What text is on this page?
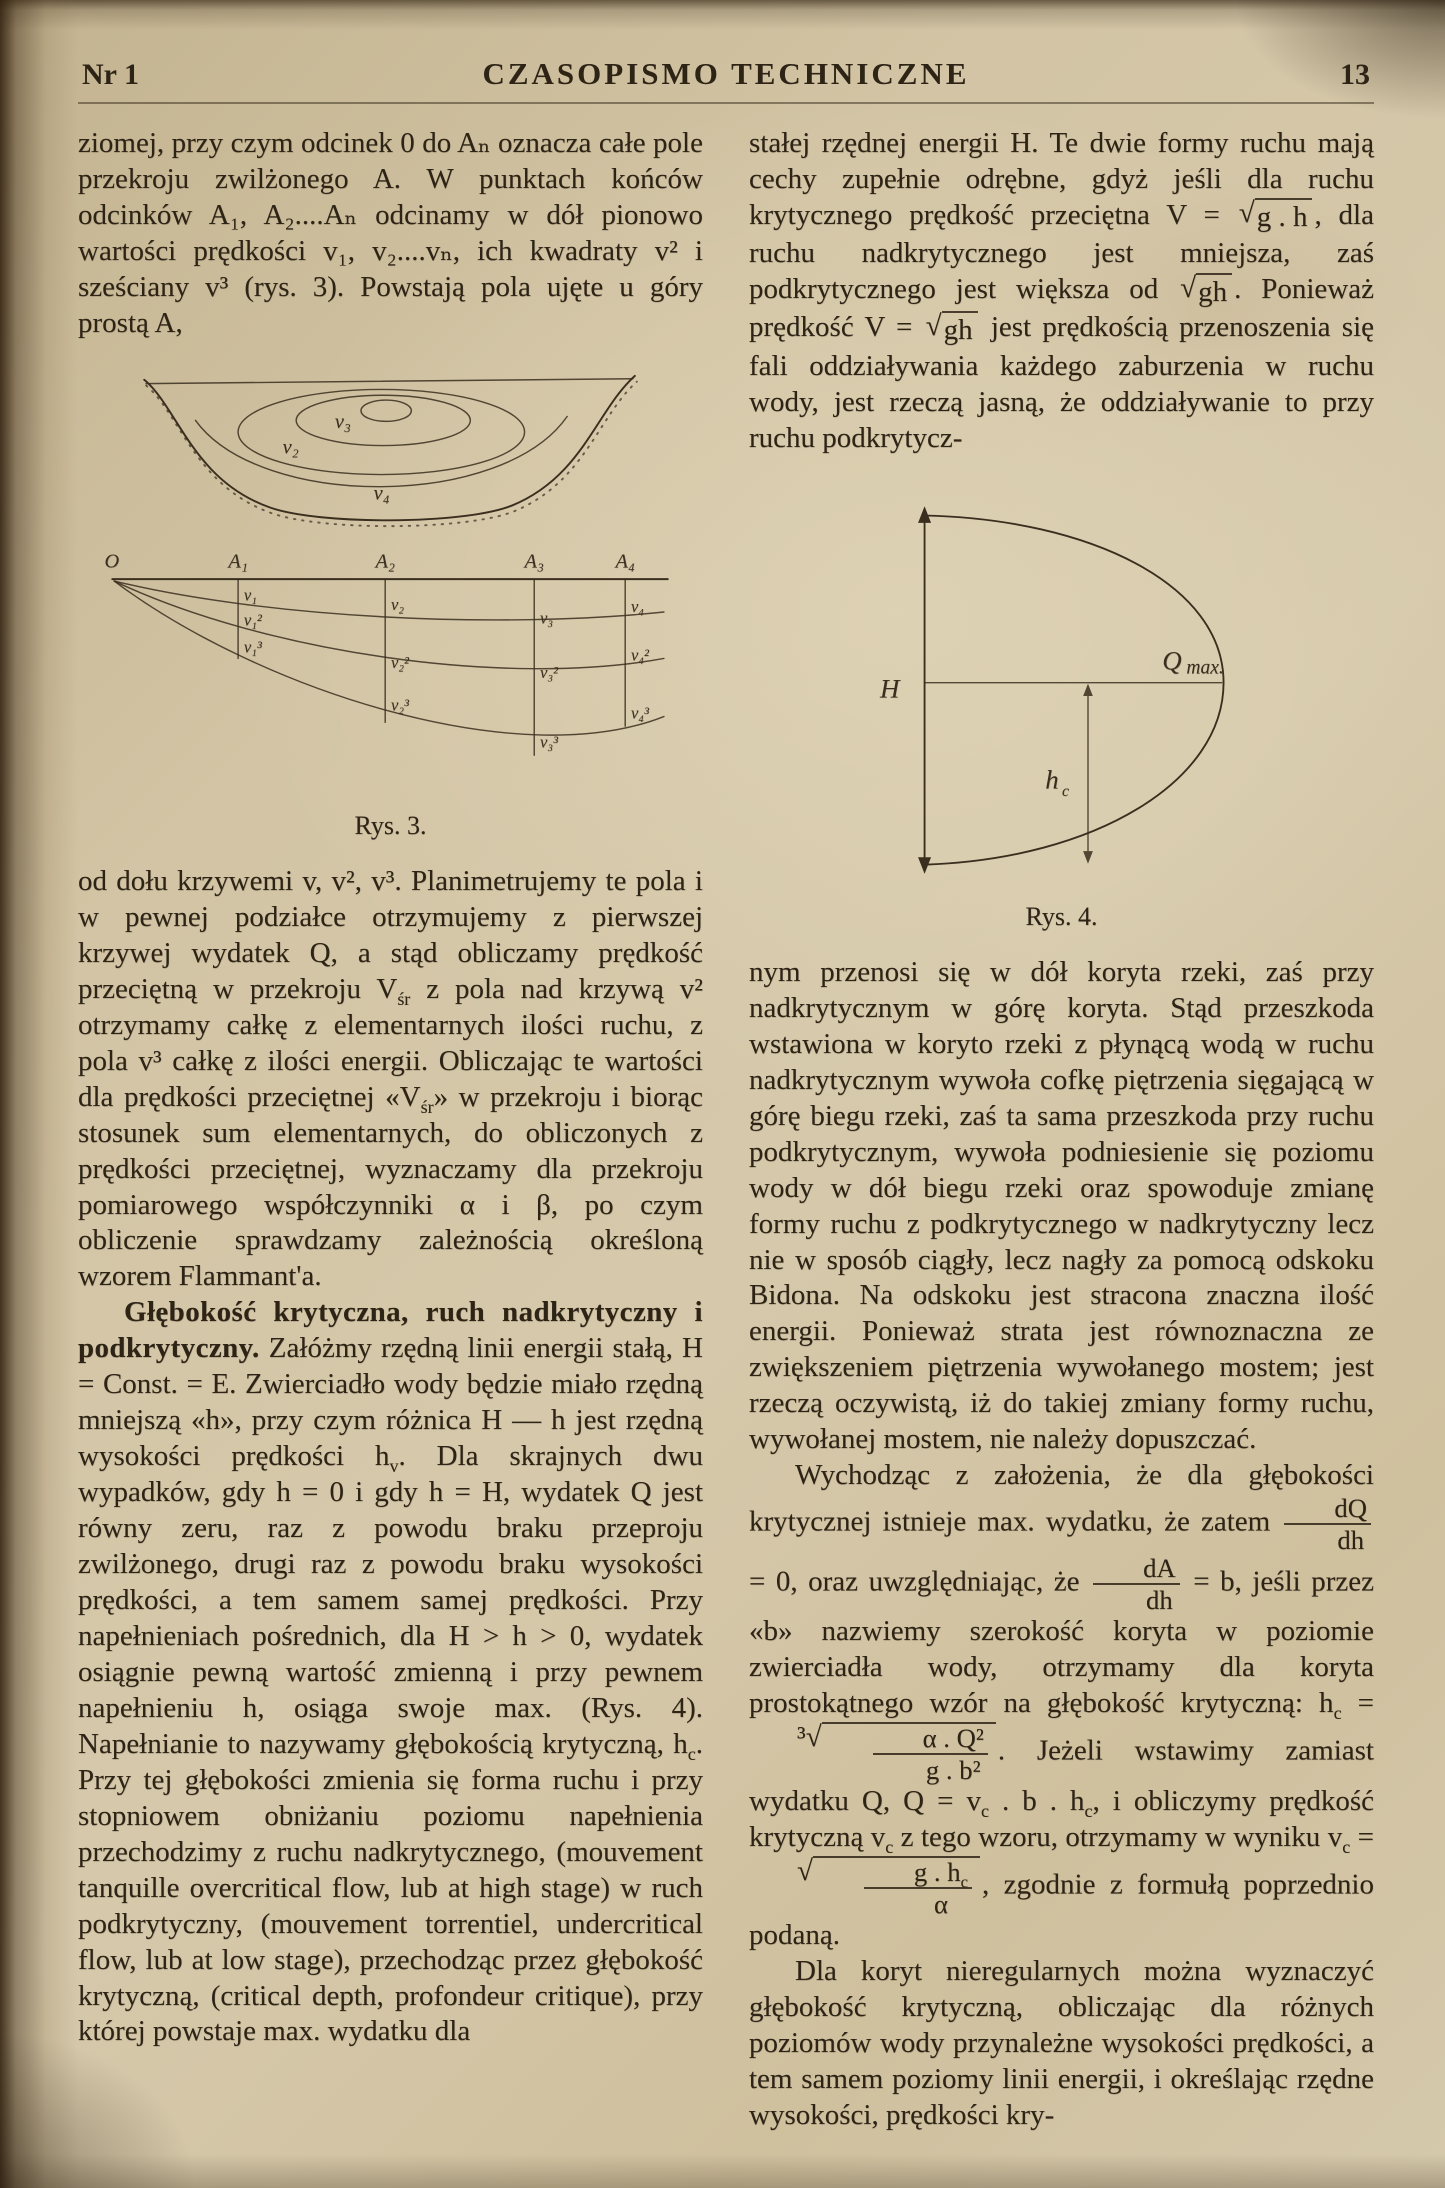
Nr 1	CZASOPISMO TECHNICZNE	13

ziomej, przy czym odcinek 0 do Aₙ oznacza całe pole przekroju zwilżonego A. W punktach końców odcinków A₁, A₂....Aₙ odcinamy w dół pionowo wartości prędkości v₁, v₂....vₙ, ich kwadraty v² i sześciany v³ (rys. 3). Powstają pola ujęte u góry prostą A,

v₂
v₃
v₄
O	A₁	A₂	A₃	A₄
v₁
v₁²
v₁³
v₂
v₂²
v₂³
v₃
v₃²
v₃³
v₄
v₄²
v₄³
Rys. 3.

od dołu krzywemi v, v², v³. Planimetrujemy te pola i w pewnej podziałce otrzymujemy z pierwszej krzywej wydatek Q, a stąd obliczamy prędkość przeciętną w przekroju $V_{śr}$ z pola nad krzywą v² otrzymamy całkę z elementarnych ilości ruchu, z pola v³ całkę z ilości energii. Obliczając te wartości dla prędkości przeciętnej «$V_{śr}$» w przekroju i biorąc stosunek sum elementarnych, do obliczonych z prędkości przeciętnej, wyznaczamy dla przekroju pomiarowego współczynniki α i β, po czym obliczenie sprawdzamy zależnością określoną wzorem Flammant'a.

Głębokość krytyczna, ruch nadkrytyczny i podkrytyczny. Załóżmy rzędną linii energii stałą, H = Const. = E. Zwierciadło wody będzie miało rzędną mniejszą «h», przy czym różnica H — h jest rzędną wysokości prędkości $h_v$. Dla skrajnych dwu wypadków, gdy h = 0 i gdy h = H, wydatek Q jest równy zeru, raz z powodu braku przeproju zwilżonego, drugi raz z powodu braku wysokości prędkości, a tem samem samej prędkości. Przy napełnieniach pośrednich, dla H > h > 0, wydatek osiągnie pewną wartość zmienną i przy pewnem napełnieniu h, osiąga swoje max. (Rys. 4). Napełnianie to nazywamy głębokością krytyczną, $h_c$. Przy tej głębokości zmienia się forma ruchu i przy stopniowem obniżaniu poziomu napełnienia przechodzimy z ruchu nadkrytycznego, (mouvement tanquille overcritical flow, lub at high stage) w ruch podkrytyczny, (mouvement torrentiel, undercritical flow, lub at low stage), przechodząc przez głębokość krytyczną, (critical depth, profondeur critique), przy której powstaje max. wydatku dla

stałej rzędnej energii H. Te dwie formy ruchu mają cechy zupełnie odrębne, gdyż jeśli dla ruchu krytycznego prędkość przeciętna V = √ g . h , dla ruchu nadkrytycznego jest mniejsza, zaś podkrytycznego jest większa od √ gh . Ponieważ prędkość V = √ gh jest prędkością przenoszenia się fali oddziaływania każdego zaburzenia w ruchu wody, jest rzeczą jasną, że oddziaływanie to przy ruchu podkrytycz-

H
h c
Q max.
Rys. 4.

nym przenosi się w dół koryta rzeki, zaś przy nadkrytycznym w górę koryta. Stąd przeszkoda wstawiona w koryto rzeki z płynącą wodą w ruchu nadkrytycznym wywoła cofkę piętrzenia sięgającą w górę biegu rzeki, zaś ta sama przeszkoda przy ruchu podkrytycznym, wywoła podniesienie się poziomu wody w dół biegu rzeki oraz spowoduje zmianę formy ruchu z podkrytycznego w nadkrytyczny lecz nie w sposób ciągły, lecz nagły za pomocą odskoku Bidona. Na odskoku jest stracona znaczna ilość energii. Ponieważ strata jest równoznaczna ze zwiększeniem piętrzenia wywołanego mostem; jest rzeczą oczywistą, iż do takiej zmiany formy ruchu, wywołanej mostem, nie należy dopuszczać.

Wychodząc z założenia, że dla głębokości krytycznej istnieje max. wydatku, że zatem $\frac{dQ}{dh}$
= 0, oraz uwzględniając, że $\frac{dA}{dh} = b$, jeśli przez «b» nazwiemy szerokość koryta w poziomie zwierciadła wody, otrzymamy dla koryta prostokątnego wzór na głębokość krytyczną: $h_c$ =
$^3√ \frac{\text{α . Q²}}{\text{g . b²}}$ . Jeżeli wstawimy zamiast wydatku Q, $Q = v_c$ . b . $h_c$, i obliczymy prędkość krytyczną $v_c$ z tego wzoru, otrzymamy w wyniku $v_c$ =
√ $\frac{g . h_c}{\alpha}$ , zgodnie z formułą poprzednio podaną.

Dla koryt nieregularnych można wyznaczyć głębokość krytyczną, obliczając dla różnych poziomów wody przynależne wysokości prędkości, a tem samem poziomy linii energii, i określając rzędne wysokości, prędkości kry-
